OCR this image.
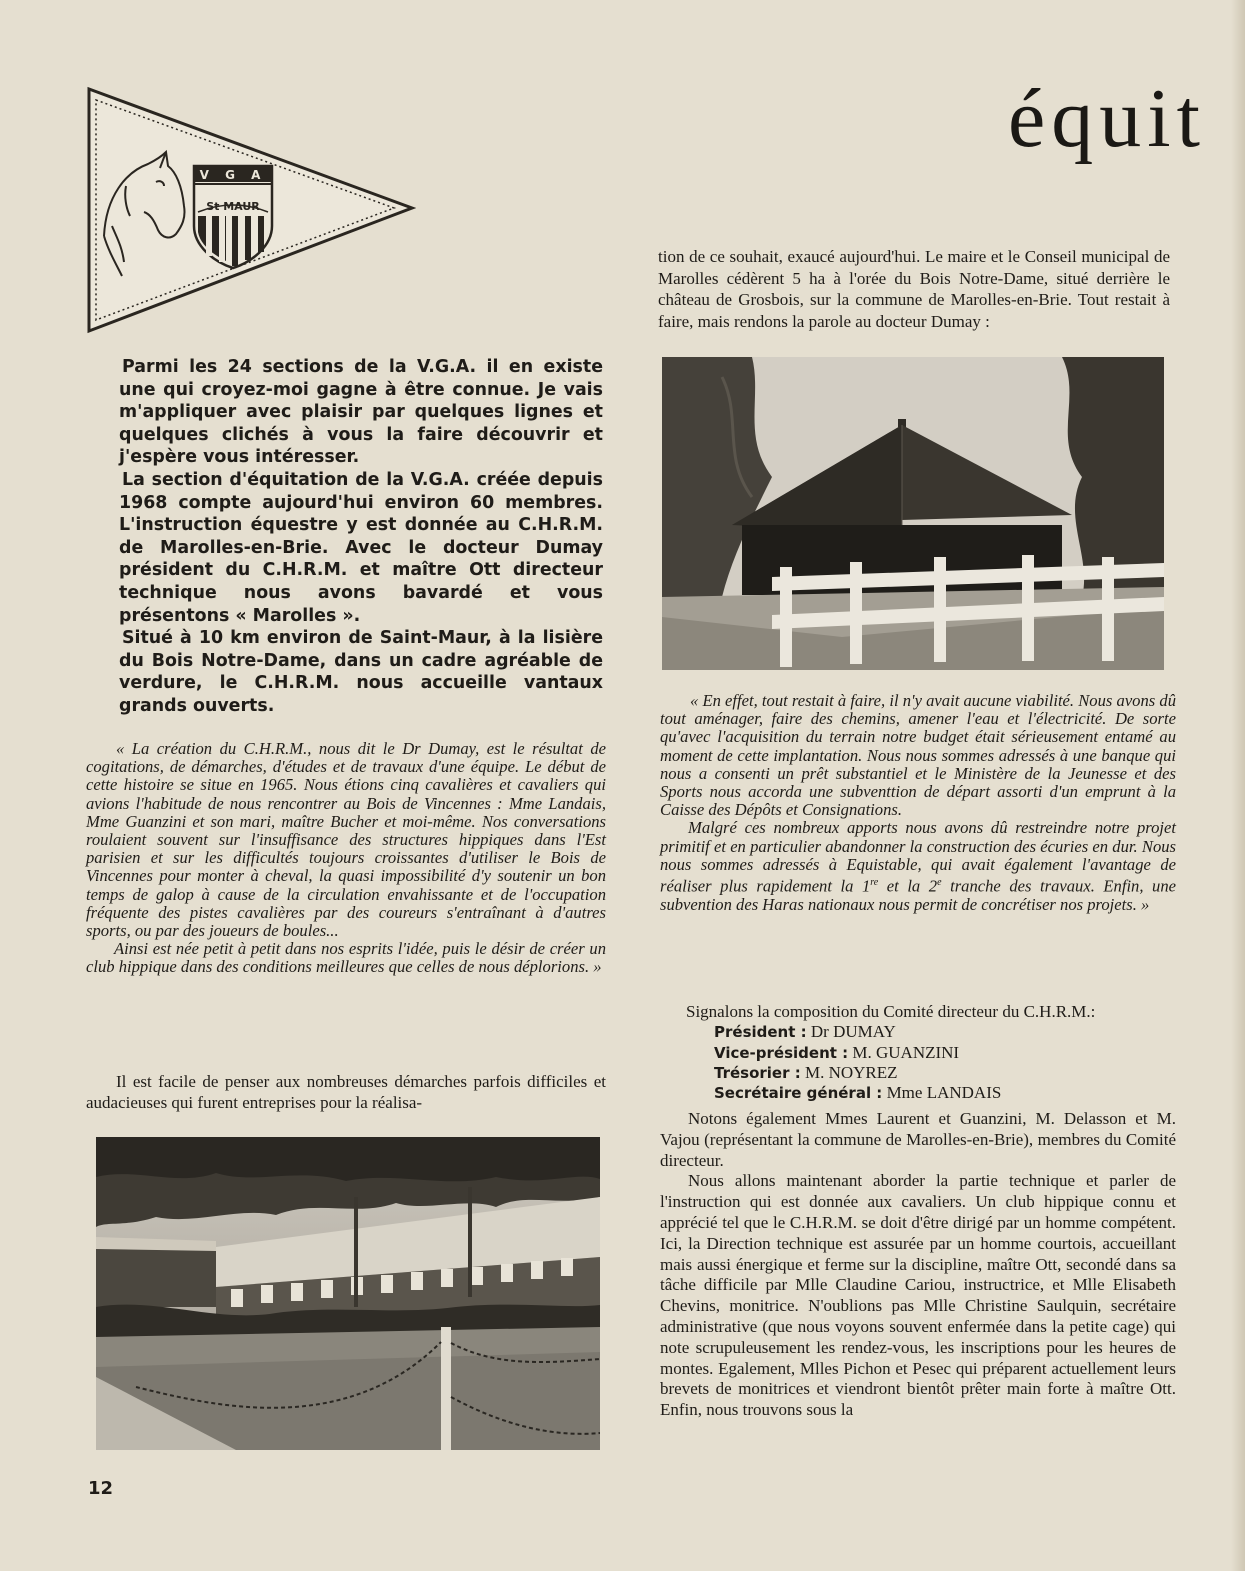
équit
V G A
St MAUR

Parmi les 24 sections de la V.G.A. il en existe une qui croyez-moi gagne à être connue. Je vais m'appliquer avec plaisir par quelques lignes et quelques clichés à vous la faire découvrir et j'espère vous intéresser.

La section d'équitation de la V.G.A. créée depuis 1968 compte aujourd'hui environ 60 membres. L'instruction équestre y est donnée au C.H.R.M. de Marolles-en-Brie. Avec le docteur Dumay président du C.H.R.M. et maître Ott directeur technique nous avons bavardé et vous présentons « Marolles ».

Situé à 10 km environ de Saint-Maur, à la lisière du Bois Notre-Dame, dans un cadre agréable de verdure, le C.H.R.M. nous accueille vantaux grands ouverts.

« La création du C.H.R.M., nous dit le Dr Dumay, est le résultat de cogitations, de démarches, d'études et de travaux d'une équipe. Le début de cette histoire se situe en 1965. Nous étions cinq cavalières et cavaliers qui avions l'habitude de nous rencontrer au Bois de Vincennes : Mme Landais, Mme Guanzini et son mari, maître Bucher et moi-même. Nos conversations roulaient souvent sur l'insuffisance des structures hippiques dans l'Est parisien et sur les difficultés toujours croissantes d'utiliser le Bois de Vincennes pour monter à cheval, la quasi impossibilité d'y soutenir un bon temps de galop à cause de la circulation envahissante et de l'occupation fréquente des pistes cavalières par des coureurs s'entraînant à d'autres sports, ou par des joueurs de boules...

Ainsi est née petit à petit dans nos esprits l'idée, puis le désir de créer un club hippique dans des conditions meilleures que celles de nous déplorions. »

Il est facile de penser aux nombreuses démarches parfois difficiles et audacieuses qui furent entreprises pour la réalisa-

tion de ce souhait, exaucé aujourd'hui. Le maire et le Conseil municipal de Marolles cédèrent 5 ha à l'orée du Bois Notre-Dame, situé derrière le château de Grosbois, sur la commune de Marolles-en-Brie. Tout restait à faire, mais rendons la parole au docteur Dumay :

« En effet, tout restait à faire, il n'y avait aucune viabilité. Nous avons dû tout aménager, faire des chemins, amener l'eau et l'électricité. De sorte qu'avec l'acquisition du terrain notre budget était sérieusement entamé au moment de cette implantation. Nous nous sommes adressés à une banque qui nous a consenti un prêt substantiel et le Ministère de la Jeunesse et des Sports nous accorda une subventtion de départ assorti d'un emprunt à la Caisse des Dépôts et Consignations.

Malgré ces nombreux apports nous avons dû restreindre notre projet primitif et en particulier abandonner la construction des écuries en dur. Nous nous sommes adressés à Equistable, qui avait également l'avantage de réaliser plus rapidement la 1re et la 2e tranche des travaux. Enfin, une subvention des Haras nationaux nous permit de concrétiser nos projets. »

Signalons la composition du Comité directeur du C.H.R.M.:
Président : Dr DUMAY
Vice-président : M. GUANZINI
Trésorier : M. NOYREZ
Secrétaire général : Mme LANDAIS

Notons également Mmes Laurent et Guanzini, M. Delasson et M. Vajou (représentant la commune de Marolles-en-Brie), membres du Comité directeur.

Nous allons maintenant aborder la partie technique et parler de l'instruction qui est donnée aux cavaliers. Un club hippique connu et apprécié tel que le C.H.R.M. se doit d'être dirigé par un homme compétent. Ici, la Direction technique est assurée par un homme courtois, accueillant mais aussi énergique et ferme sur la discipline, maître Ott, secondé dans sa tâche difficile par Mlle Claudine Cariou, instructrice, et Mlle Elisabeth Chevins, monitrice. N'oublions pas Mlle Christine Saulquin, secrétaire administrative (que nous voyons souvent enfermée dans la petite cage) qui note scrupuleusement les rendez-vous, les inscriptions pour les heures de montes. Egalement, Mlles Pichon et Pesec qui préparent actuellement leurs brevets de monitrices et viendront bientôt prêter main forte à maître Ott. Enfin, nous trouvons sous la

12
